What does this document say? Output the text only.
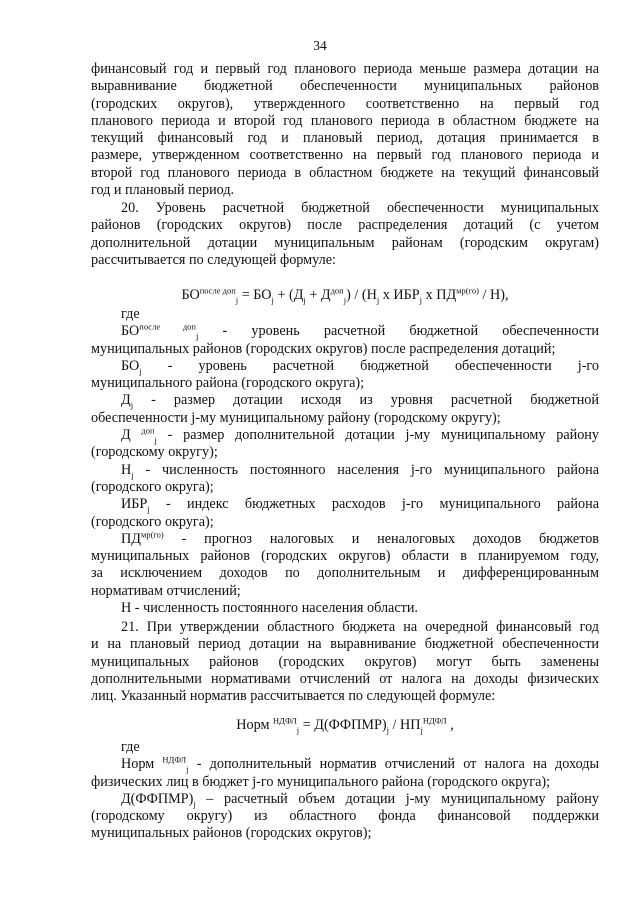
34
финансовый год и первый год планового периода меньше размера дотации на
выравнивание бюджетной обеспеченности муниципальных районов
(городских округов), утвержденного соответственно на первый год
планового периода и второй год планового периода в областном бюджете на
текущий финансовый год и плановый период, дотация принимается в
размере, утвержденном соответственно на первый год планового периода и
второй год планового периода в областном бюджете на текущий финансовый
год и плановый период.
20. Уровень расчетной бюджетной обеспеченности муниципальных
районов (городских округов) после распределения дотаций (с учетом
дополнительной дотации муниципальным районам (городским округам)
рассчитывается по следующей формуле:
$БО^{после доп}_j = БО_j + (Д_j + Д^{доп}_j) / (Н_j$ х $ИБР_j$ х $ПД^{мр(го)} / Н$),
где
$БО^{после доп}_j$ - уровень расчетной бюджетной обеспеченности
муниципальных районов (городских округов) после распределения дотаций;
$БО_j$ - уровень расчетной бюджетной обеспеченности j-го
муниципального района (городского округа);
$Д_j$ - размер дотации исходя из уровня расчетной бюджетной
обеспеченности j-му муниципальному району (городскому округу);
Д $^{доп}_j$ - размер дополнительной дотации j-му муниципальному району
(городскому округу);
$Н_j$ - численность постоянного населения j-го муниципального района
(городского округа);
$ИБР_j$ - индекс бюджетных расходов j-го муниципального района
(городского округа);
$ПД^{мр(го)}$ - прогноз налоговых и неналоговых доходов бюджетов
муниципальных районов (городских округов) области в планируемом году,
за исключением доходов по дополнительным и дифференцированным
нормативам отчислений;
Н - численность постоянного населения области.
21. При утверждении областного бюджета на очередной финансовый год
и на плановый период дотации на выравнивание бюджетной обеспеченности
муниципальных районов (городских округов) могут быть заменены
дополнительными нормативами отчислений от налога на доходы физических
лиц. Указанный норматив рассчитывается по следующей формуле:
Норм $^{НДФЛ}_j = Д(ФФПМР)_j / НП_j^{НДФЛ}$ ,
где
Норм $^{НДФЛ}_j$ - дополнительный норматив отчислений от налога на доходы
физических лиц в бюджет j-го муниципального района (городского округа);
$Д(ФФПМР)_j$ – расчетный объем дотации j-му муниципальному району
(городскому округу) из областного фонда финансовой поддержки
муниципальных районов (городских округов);
